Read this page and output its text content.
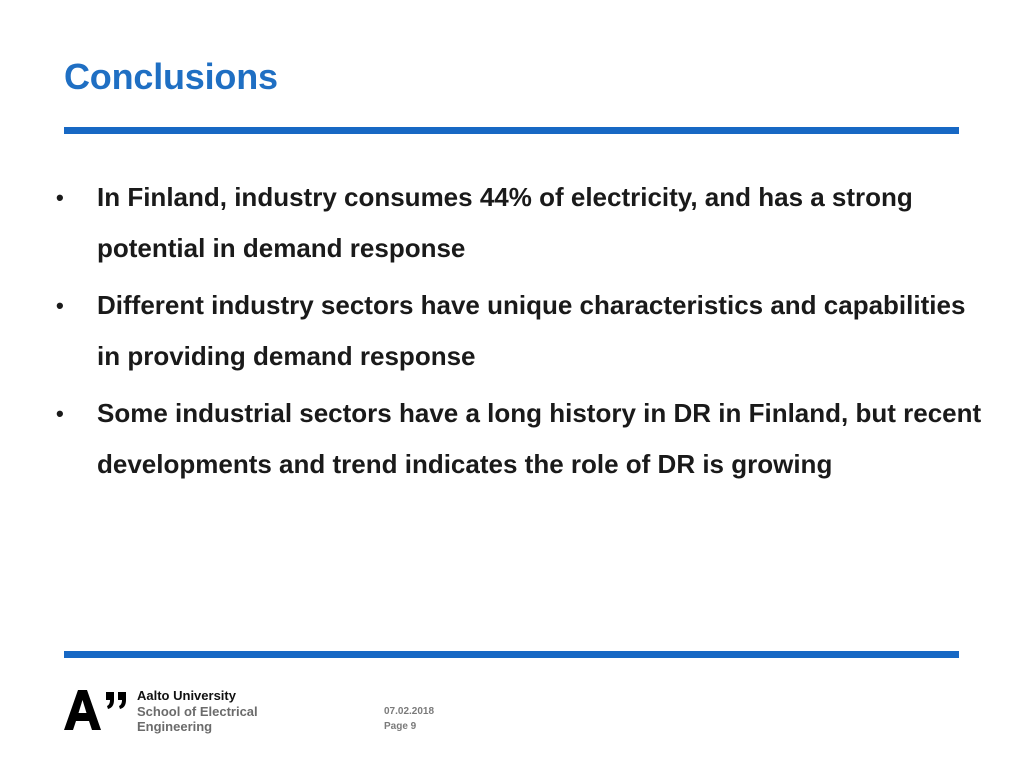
Conclusions
• In Finland, industry consumes 44% of electricity, and has a strong potential in demand response
• Different industry sectors have unique characteristics and capabilities in providing demand response
• Some industrial sectors have a long history in DR in Finland, but recent developments and trend indicates the role of DR is growing
Aalto University
School of Electrical
Engineering
07.02.2018
Page 9
